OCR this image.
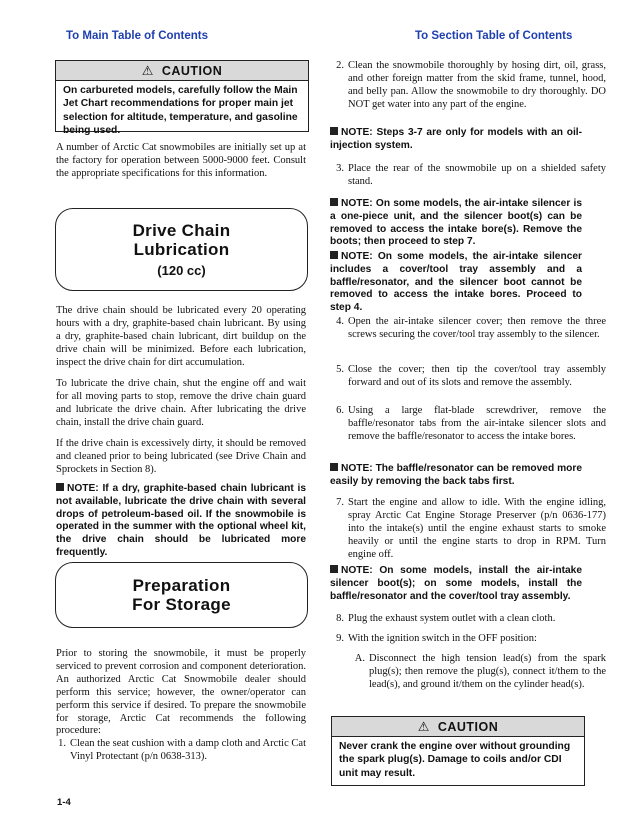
To Main Table of Contents	To Section Table of Contents
⚠ CAUTION
On carbureted models, carefully follow the Main Jet Chart recommendations for proper main jet selection for altitude, temperature, and gasoline being used.

A number of Arctic Cat snowmobiles are initially set up at the factory for operation between 5000-9000 feet. Consult the appropriate specifications for this information.

Drive Chain
Lubrication
(120 cc)

The drive chain should be lubricated every 20 operating hours with a dry, graphite-based chain lubricant. By using a dry, graphite-based chain lubricant, dirt buildup on the drive chain will be minimized. Before each lubrication, inspect the drive chain for dirt accumulation.

To lubricate the drive chain, shut the engine off and wait for all moving parts to stop, remove the drive chain guard and lubricate the drive chain. After lubricating the drive chain, install the drive chain guard.

If the drive chain is excessively dirty, it should be removed and cleaned prior to being lubricated (see Drive Chain and Sprockets in Section 8).

NOTE: If a dry, graphite-based chain lubricant is not available, lubricate the drive chain with several drops of petroleum-based oil. If the snowmobile is operated in the summer with the optional wheel kit, the drive chain should be lubricated more frequently.

Preparation
For Storage

Prior to storing the snowmobile, it must be properly serviced to prevent corrosion and component deterioration. An authorized Arctic Cat Snowmobile dealer should perform this service; however, the owner/operator can perform this service if desired. To prepare the snowmobile for storage, Arctic Cat recommends the following procedure:

1. Clean the seat cushion with a damp cloth and Arctic Cat Vinyl Protectant (p/n 0638-313).
1-4
2. Clean the snowmobile thoroughly by hosing dirt, oil, grass, and other foreign matter from the skid frame, tunnel, hood, and belly pan. Allow the snowmobile to dry thoroughly. DO NOT get water into any part of the engine.

NOTE: Steps 3-7 are only for models with an oil-injection system.

3. Place the rear of the snowmobile up on a shielded safety stand.

NOTE: On some models, the air-intake silencer is a one-piece unit, and the silencer boot(s) can be removed to access the intake bore(s). Remove the boots; then proceed to step 7.

NOTE: On some models, the air-intake silencer includes a cover/tool tray assembly and a baffle/resonator, and the silencer boot cannot be removed to access the intake bores. Proceed to step 4.

4. Open the air-intake silencer cover; then remove the three screws securing the cover/tool tray assembly to the silencer.
5. Close the cover; then tip the cover/tool tray assembly forward and out of its slots and remove the assembly.
6. Using a large flat-blade screwdriver, remove the baffle/resonator tabs from the air-intake silencer slots and remove the baffle/resonator to access the intake bores.

NOTE: The baffle/resonator can be removed more easily by removing the back tabs first.

7. Start the engine and allow to idle. With the engine idling, spray Arctic Cat Engine Storage Preserver (p/n 0636-177) into the intake(s) until the engine exhaust starts to smoke heavily or until the engine starts to drop in RPM. Turn engine off.

NOTE: On some models, install the air-intake silencer boot(s); on some models, install the baffle/resonator and the cover/tool tray assembly.

8. Plug the exhaust system outlet with a clean cloth.
9. With the ignition switch in the OFF position:
A. Disconnect the high tension lead(s) from the spark plug(s); then remove the plug(s), connect it/them to the lead(s), and ground it/them on the cylinder head(s).
⚠ CAUTION
Never crank the engine over without grounding the spark plug(s). Damage to coils and/or CDI unit may result.
